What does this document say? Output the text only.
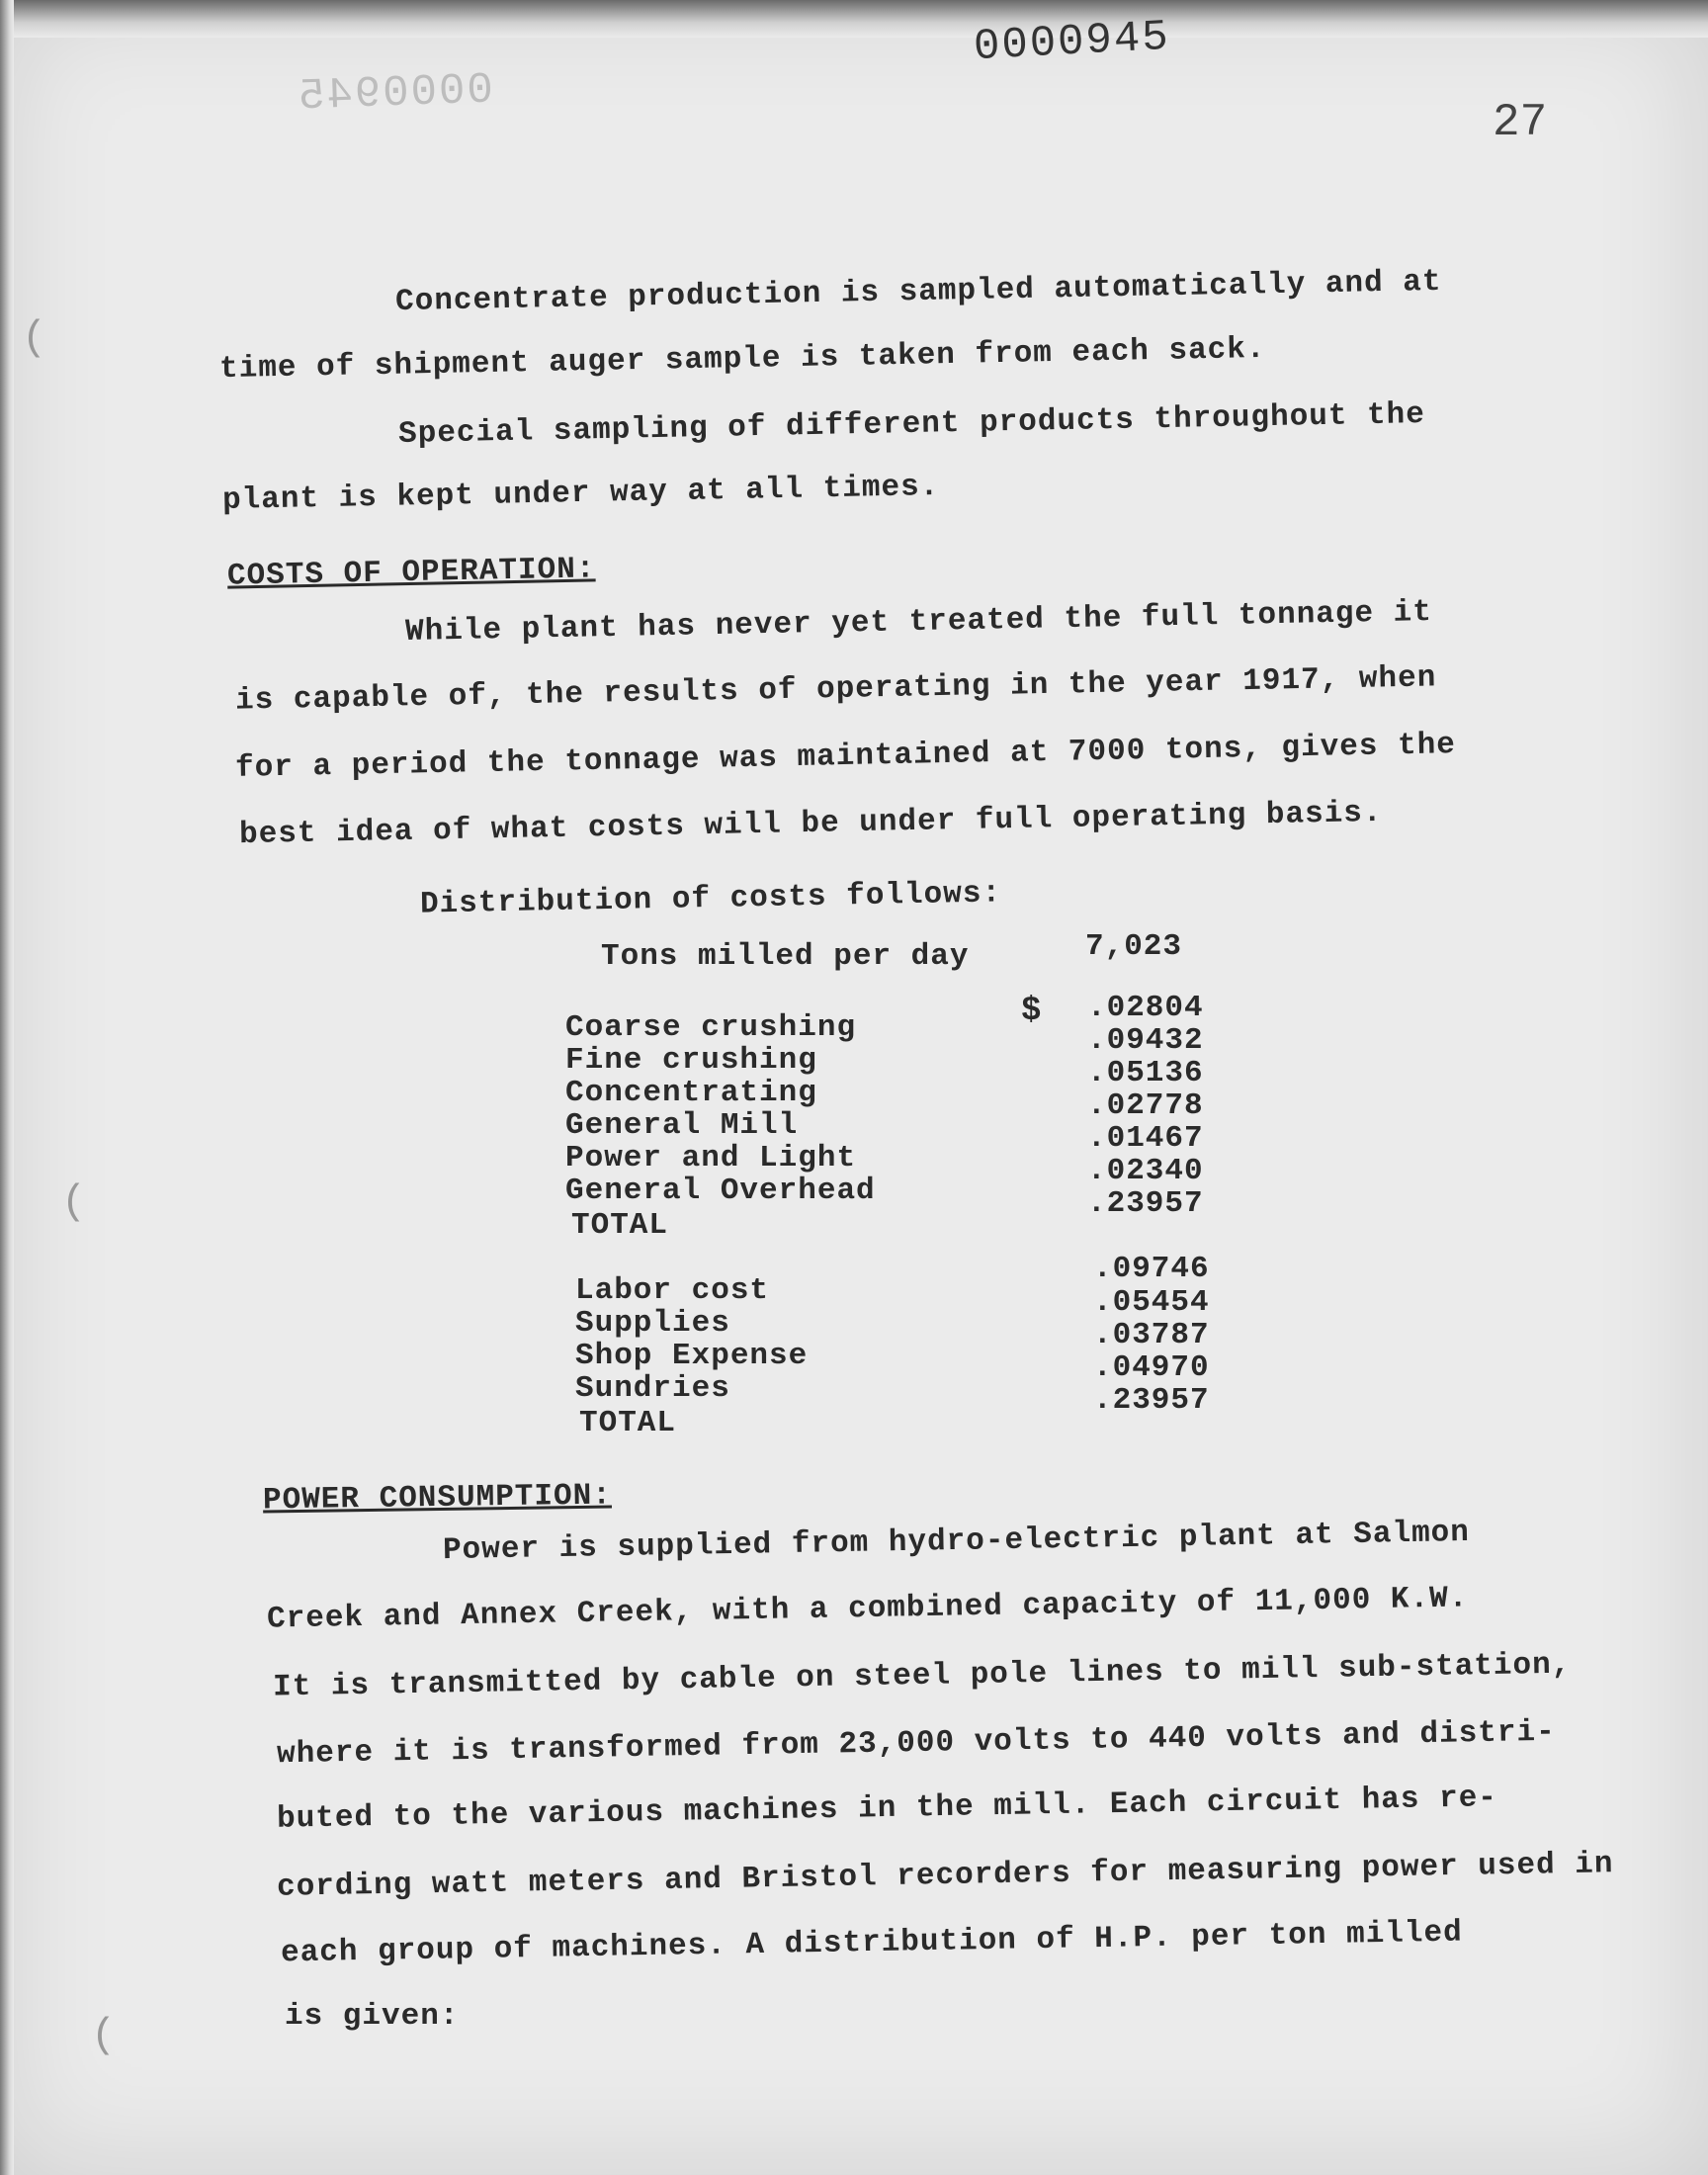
0000945
0000945
27
(
(
(
Concentrate production is sampled automatically and at
time of shipment auger sample is taken from each sack.
Special sampling of different products throughout the
plant is kept under way at all times.
COSTS OF OPERATION:
While plant has never yet treated the full tonnage it
is capable of, the results of operating in the year 1917, when
for a period the tonnage was maintained at 7000 tons, gives the
best idea of what costs will be under full operating basis.
Distribution of costs follows:
Tons milled per day	7,023
$
Coarse crushing
.02804
Fine crushing
.09432
Concentrating
.05136
General Mill
.02778
Power and Light
.01467
General Overhead
.02340
TOTAL
.23957
Labor cost
.09746
Supplies
.05454
Shop Expense
.03787
Sundries
.04970
TOTAL
.23957
POWER CONSUMPTION:
Power is supplied from hydro-electric plant at Salmon
Creek and Annex Creek, with a combined capacity of 11,000 K.W.
It is transmitted by cable on steel pole lines to mill sub-station,
where it is transformed from 23,000 volts to 440 volts and distri-
buted to the various machines in the mill. Each circuit has re-
cording watt meters and Bristol recorders for measuring power used in
each group of machines. A distribution of H.P. per ton milled
is given:
